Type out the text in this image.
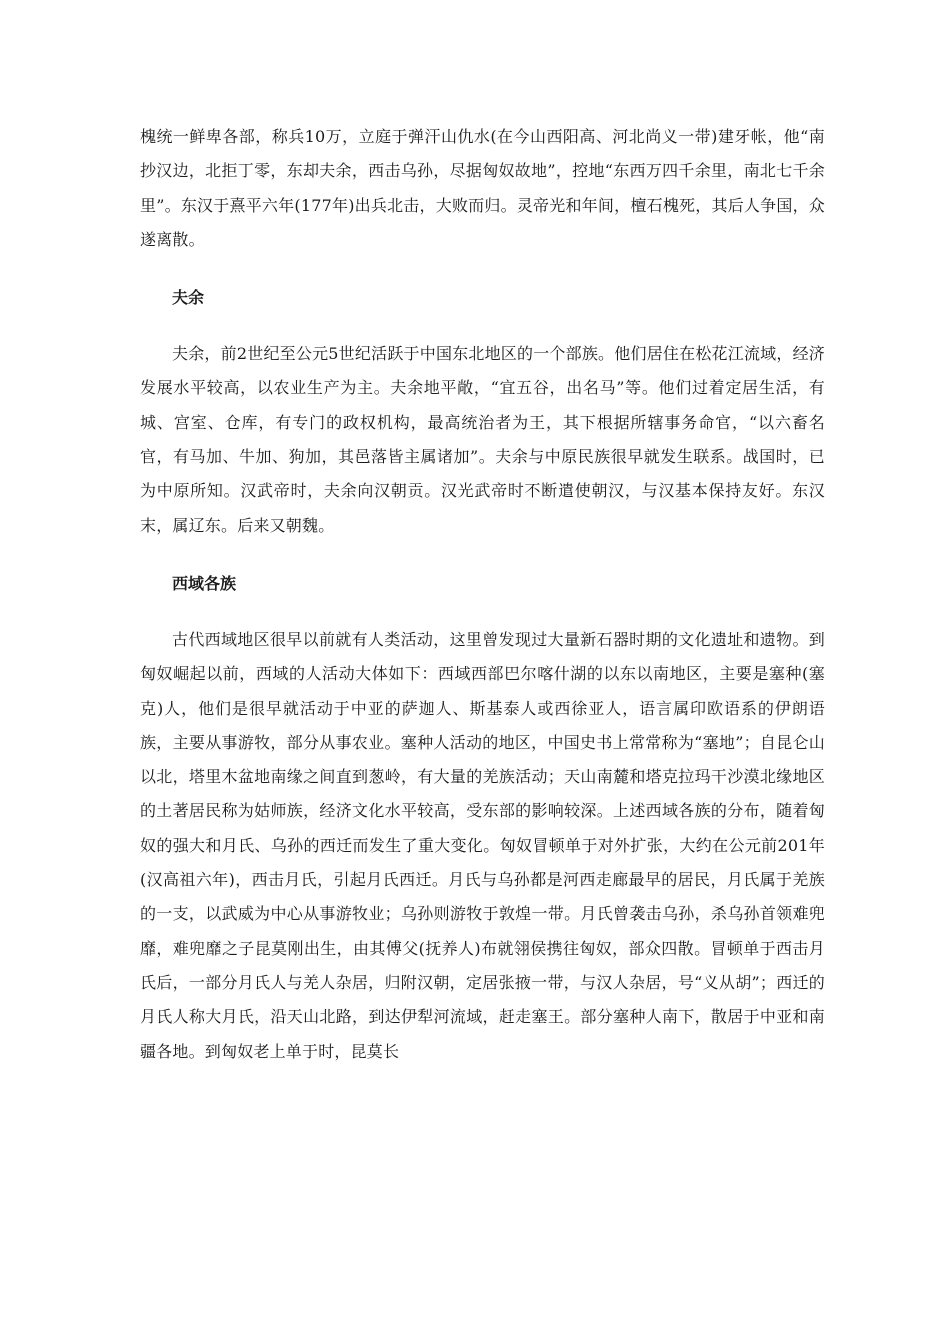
槐统一鲜卑各部，称兵10万，立庭于弹汗山仇水(在今山西阳高、河北尚义一带)建牙帐，他“南抄汉边，北拒丁零，东却夫余，西击乌孙，尽据匈奴故地”，控地“东西万四千余里，南北七千余里”。东汉于熹平六年(177年)出兵北击，大败而归。灵帝光和年间，檀石槐死，其后人争国，众遂离散。

夫余

夫余，前2世纪至公元5世纪活跃于中国东北地区的一个部族。他们居住在松花江流域，经济发展水平较高，以农业生产为主。夫余地平敞，“宜五谷，出名马”等。他们过着定居生活，有城、宫室、仓库，有专门的政权机构，最高统治者为王，其下根据所辖事务命官，“以六畜名官，有马加、牛加、狗加，其邑落皆主属诸加”。夫余与中原民族很早就发生联系。战国时，已为中原所知。汉武帝时，夫余向汉朝贡。汉光武帝时不断遣使朝汉，与汉基本保持友好。东汉末，属辽东。后来又朝魏。

西域各族

古代西域地区很早以前就有人类活动，这里曾发现过大量新石器时期的文化遗址和遗物。到匈奴崛起以前，西域的人活动大体如下：西域西部巴尔喀什湖的以东以南地区，主要是塞种(塞克)人，他们是很早就活动于中亚的萨迦人、斯基泰人或西徐亚人，语言属印欧语系的伊朗语族，主要从事游牧，部分从事农业。塞种人活动的地区，中国史书上常常称为“塞地”；自昆仑山以北，塔里木盆地南缘之间直到葱岭，有大量的羌族活动；天山南麓和塔克拉玛干沙漠北缘地区的土著居民称为姑师族，经济文化水平较高，受东部的影响较深。上述西域各族的分布，随着匈奴的强大和月氏、乌孙的西迁而发生了重大变化。匈奴冒顿单于对外扩张，大约在公元前201年(汉高祖六年)，西击月氏，引起月氏西迁。月氏与乌孙都是河西走廊最早的居民，月氏属于羌族的一支，以武威为中心从事游牧业；乌孙则游牧于敦煌一带。月氏曾袭击乌孙，杀乌孙首领难兜靡，难兜靡之子昆莫刚出生，由其傅父(抚养人)布就翎侯携往匈奴，部众四散。冒顿单于西击月氏后，一部分月氏人与羌人杂居，归附汉朝，定居张掖一带，与汉人杂居，号“义从胡”；西迁的月氏人称大月氏，沿天山北路，到达伊犁河流域，赶走塞王。部分塞种人南下，散居于中亚和南疆各地。到匈奴老上单于时，昆莫长
